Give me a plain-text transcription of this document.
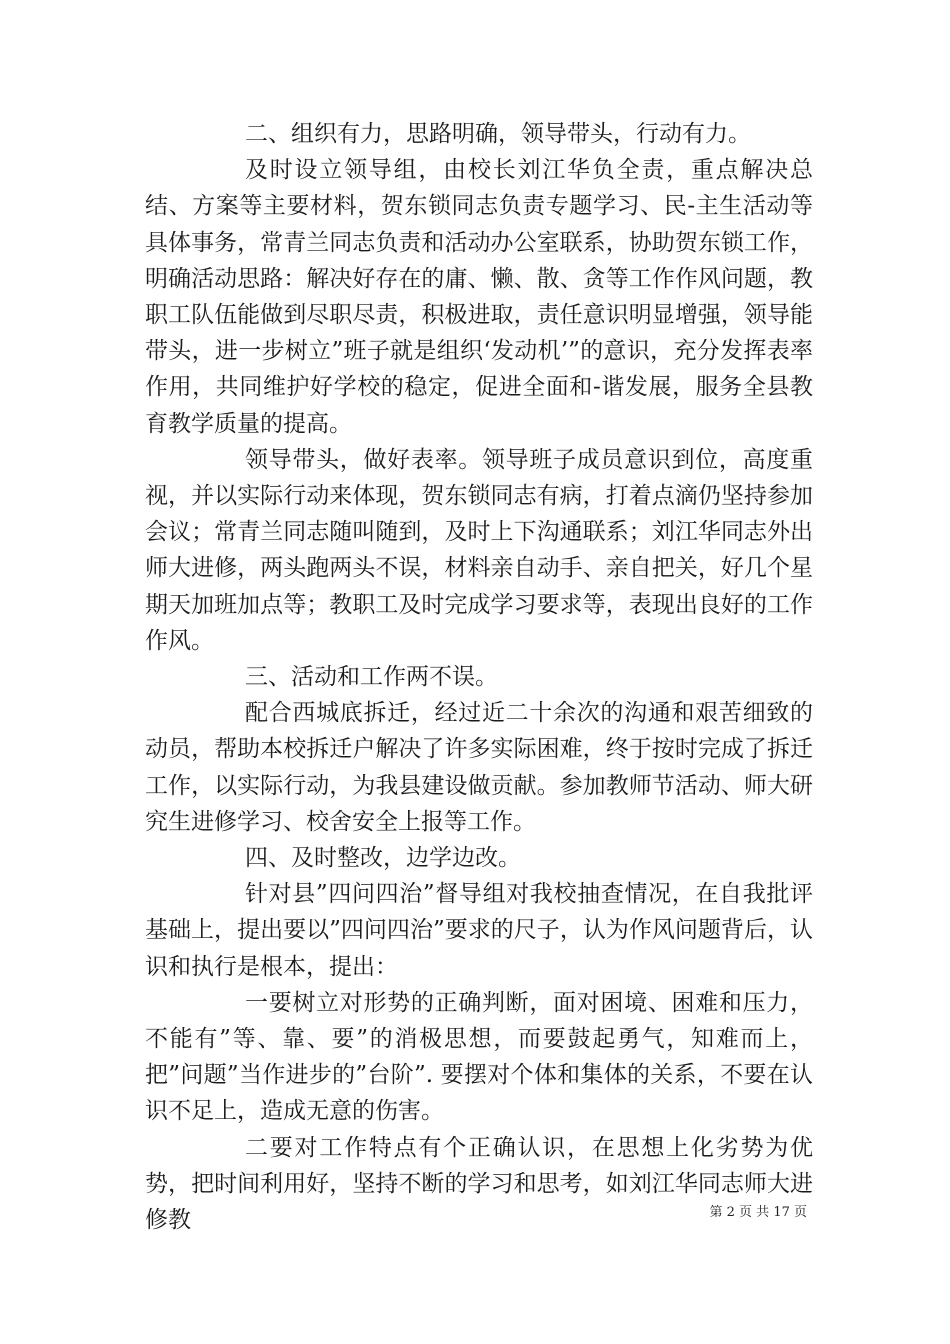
二、组织有力，思路明确，领导带头，行动有力。

及时设立领导组，由校长刘江华负全责，重点解决总结、方案等主要材料，贺东锁同志负责专题学习、民-主生活动等具体事务，常青兰同志负责和活动办公室联系，协助贺东锁工作，明确活动思路：解决好存在的庸、懒、散、贪等工作作风问题，教职工队伍能做到尽职尽责，积极进取，责任意识明显增强，领导能带头，进一步树立”班子就是组织‘发动机’”的意识，充分发挥表率作用，共同维护好学校的稳定，促进全面和-谐发展，服务全县教育教学质量的提高。

领导带头，做好表率。领导班子成员意识到位，高度重视，并以实际行动来体现，贺东锁同志有病，打着点滴仍坚持参加会议；常青兰同志随叫随到，及时上下沟通联系；刘江华同志外出师大进修，两头跑两头不误，材料亲自动手、亲自把关，好几个星期天加班加点等；教职工及时完成学习要求等，表现出良好的工作作风。

三、活动和工作两不误。

配合西城底拆迁，经过近二十余次的沟通和艰苦细致的动员，帮助本校拆迁户解决了许多实际困难，终于按时完成了拆迁工作，以实际行动，为我县建设做贡献。参加教师节活动、师大研究生进修学习、校舍安全上报等工作。

四、及时整改，边学边改。

针对县”四问四治”督导组对我校抽查情况，在自我批评基础上，提出要以”四问四治”要求的尺子，认为作风问题背后，认识和执行是根本，提出：

一要树立对形势的正确判断，面对困境、困难和压力，不能有”等、靠、要”的消极思想，而要鼓起勇气，知难而上，把”问题”当作进步的”台阶”. 要摆对个体和集体的关系，不要在认识不足上，造成无意的伤害。

二要对工作特点有个正确认识，在思想上化劣势为优势，把时间利用好，坚持不断的学习和思考，如刘江华同志师大进修教	第 2 页 共 17 页
